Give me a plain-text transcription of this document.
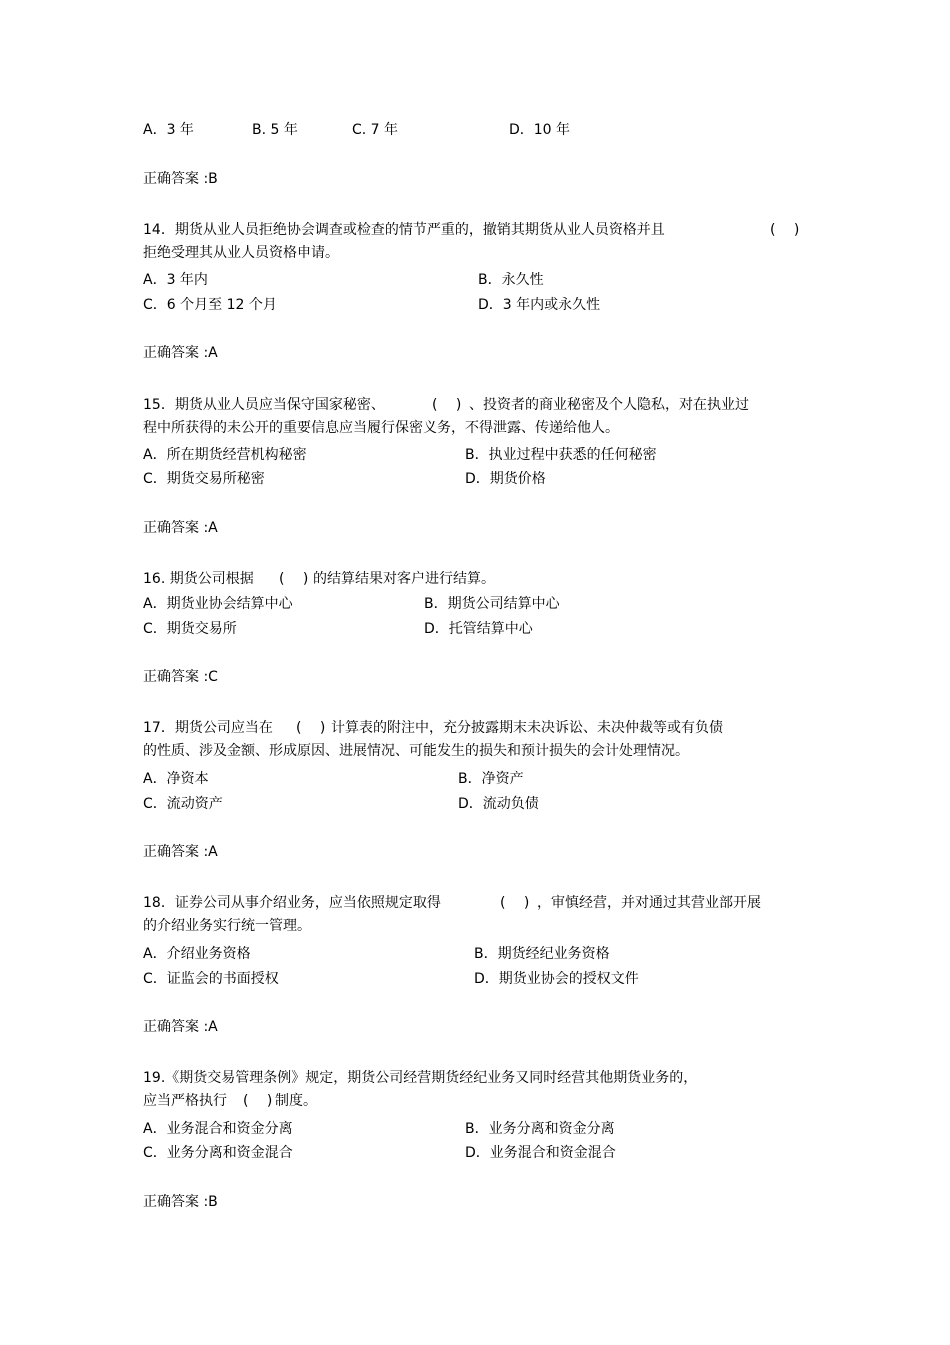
A．3 年	B. 5 年	C. 7 年	D．10 年
正确答案 :B
14．期货从业人员拒绝协会调查或检查的情节严重的，撤销其期货从业人员资格并且	(　 )
拒绝受理其从业人员资格申请。
A．3 年内	B．永久性
C．6 个月至 12 个月	D．3 年内或永久性
正确答案 :A
15．期货从业人员应当保守国家秘密、	(　 ) 、投资者的商业秘密及个人隐私，对在执业过
程中所获得的未公开的重要信息应当履行保密义务，不得泄露、传递给他人。
A．所在期货经营机构秘密	B．执业过程中获悉的任何秘密
C．期货交易所秘密	D．期货价格
正确答案 :A
16. 期货公司根据 (　 ) 的结算结果对客户进行结算。
A．期货业协会结算中心	B．期货公司结算中心
C．期货交易所	D．托管结算中心
正确答案 :C
17．期货公司应当在 (　 ) 计算表的附注中，充分披露期末未决诉讼、未决仲裁等或有负债
的性质、涉及金额、形成原因、进展情况、可能发生的损失和预计损失的会计处理情况。
A．净资本	B．净资产
C．流动资产	D．流动负债
正确答案 :A
18．证券公司从事介绍业务，应当依照规定取得	(　 ) ，审慎经营，并对通过其营业部开展
的介绍业务实行统一管理。
A．介绍业务资格	B．期货经纪业务资格
C．证监会的书面授权	D．期货业协会的授权文件
正确答案 :A
19.《期货交易管理条例》规定，期货公司经营期货经纪业务又同时经营其他期货业务的，
应当严格执行 (　 ) 制度。
A．业务混合和资金分离	B．业务分离和资金分离
C．业务分离和资金混合	D．业务混合和资金混合
正确答案 :B
